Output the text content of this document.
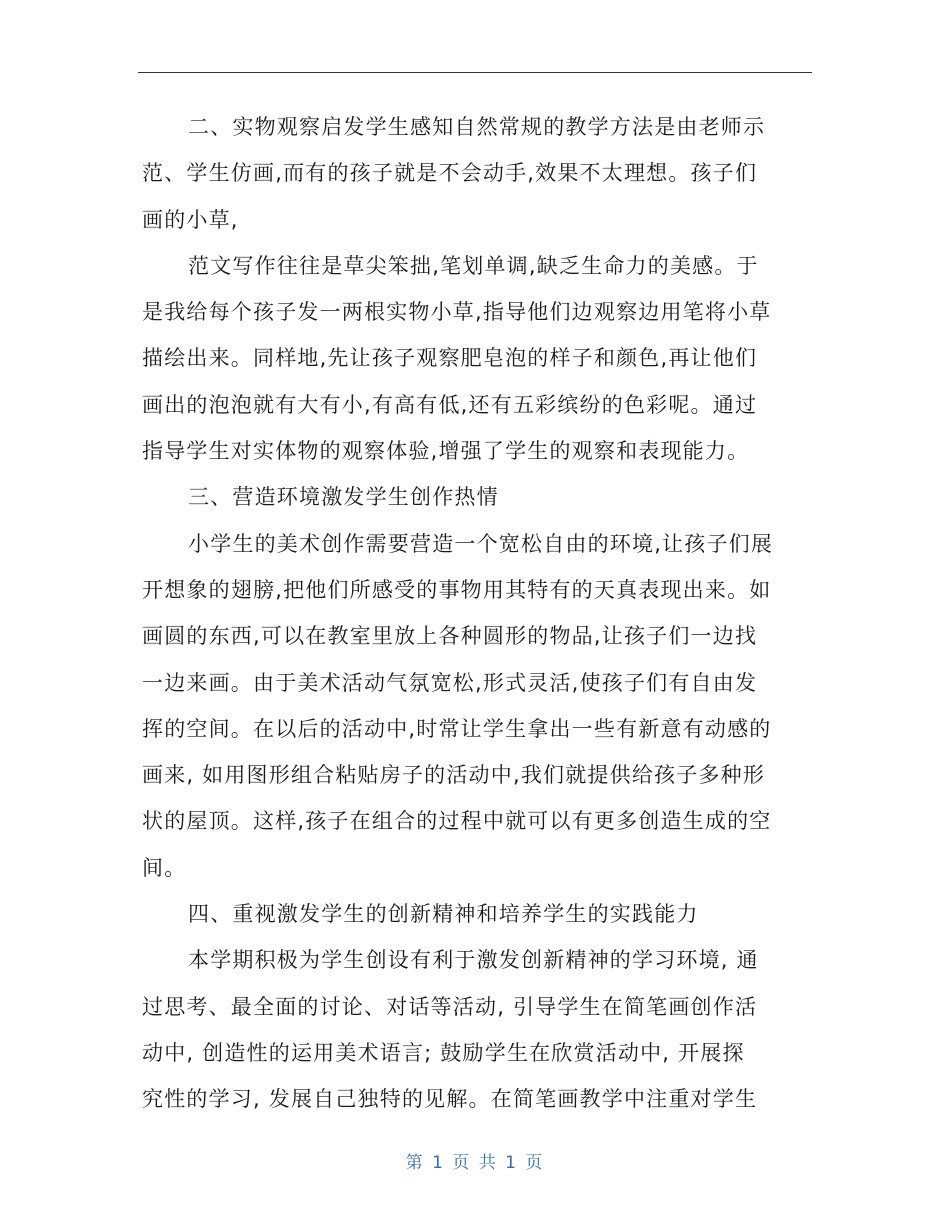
二、实物观察启发学生感知自然常规的教学方法是由老师示
范、学生仿画,而有的孩子就是不会动手,效果不太理想。孩子们
画的小草,
范文写作往往是草尖笨拙,笔划单调,缺乏生命力的美感。于
是我给每个孩子发一两根实物小草,指导他们边观察边用笔将小草
描绘出来。同样地,先让孩子观察肥皂泡的样子和颜色,再让他们
画出的泡泡就有大有小,有高有低,还有五彩缤纷的色彩呢。通过
指导学生对实体物的观察体验,增强了学生的观察和表现能力。
三、营造环境激发学生创作热情
小学生的美术创作需要营造一个宽松自由的环境,让孩子们展
开想象的翅膀,把他们所感受的事物用其特有的天真表现出来。如
画圆的东西,可以在教室里放上各种圆形的物品,让孩子们一边找
一边来画。由于美术活动气氛宽松,形式灵活,使孩子们有自由发
挥的空间。在以后的活动中,时常让学生拿出一些有新意有动感的
画来, 如用图形组合粘贴房子的活动中,我们就提供给孩子多种形
状的屋顶。这样,孩子在组合的过程中就可以有更多创造生成的空
间。
四、重视激发学生的创新精神和培养学生的实践能力
本学期积极为学生创设有利于激发创新精神的学习环境, 通
过思考、最全面的讨论、对话等活动, 引导学生在简笔画创作活
动中, 创造性的运用美术语言; 鼓励学生在欣赏活动中, 开展探
究性的学习, 发展自己独特的见解。在简笔画教学中注重对学生
第 1 页 共 1 页
